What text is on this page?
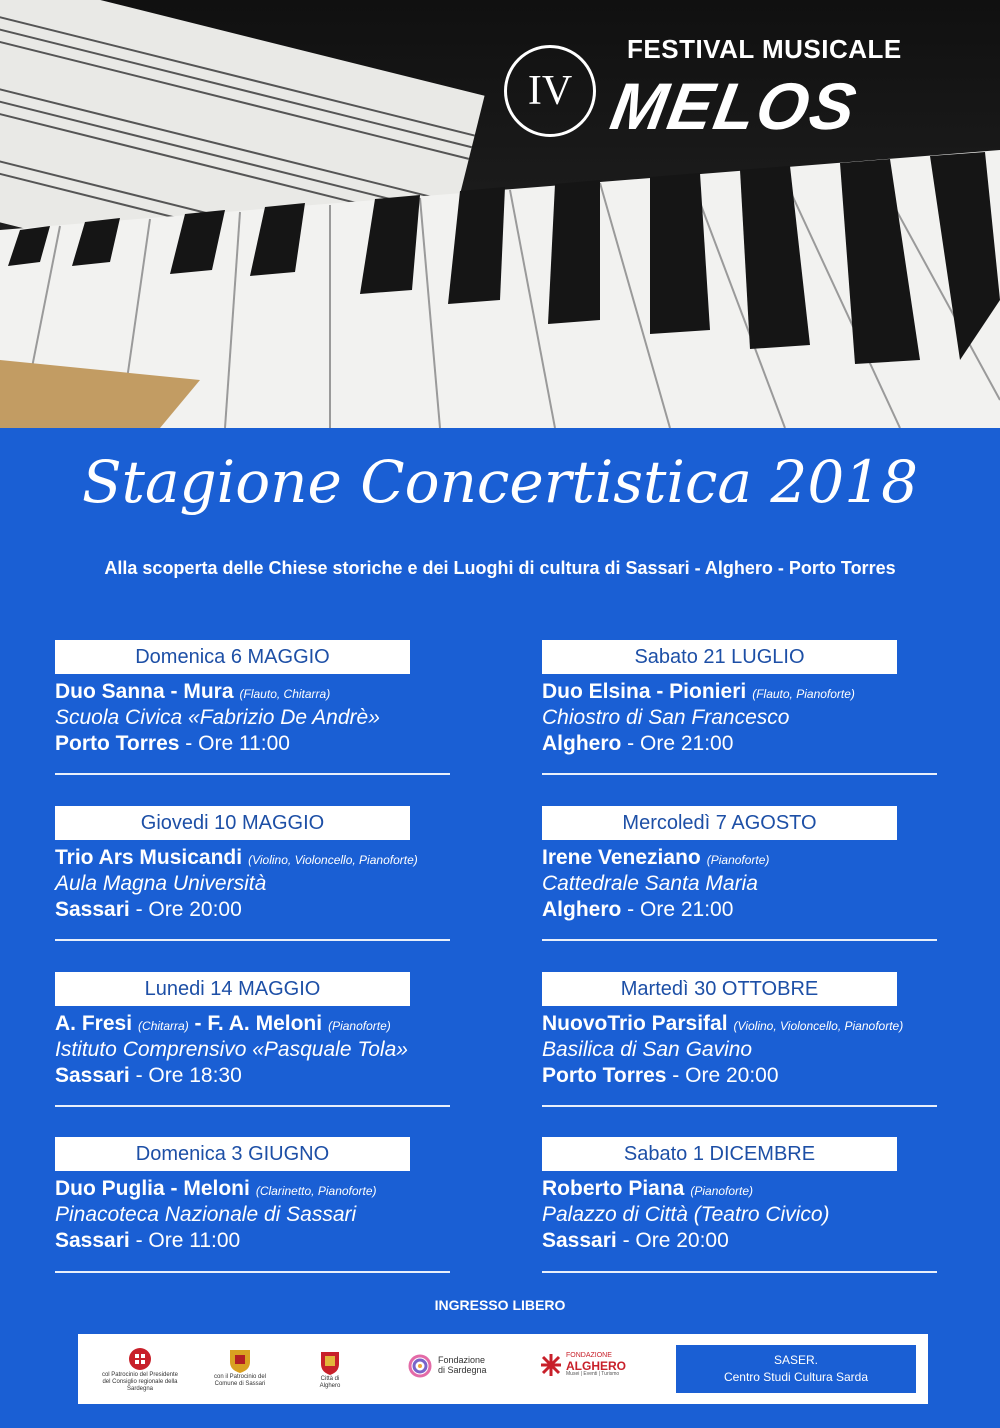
IV
FESTIVAL MUSICALE
MELOS
Stagione Concertistica 2018
Alla scoperta delle Chiese storiche e dei Luoghi di cultura di Sassari - Alghero - Porto Torres
Domenica 6 MAGGIO
Duo Sanna - Mura (Flauto, Chitarra)
Scuola Civica «Fabrizio De Andrè»
Porto Torres - Ore 11:00
Giovedi 10 MAGGIO
Trio Ars Musicandi (Violino, Violoncello, Pianoforte)
Aula Magna Università
Sassari - Ore 20:00
Lunedi 14 MAGGIO
A. Fresi (Chitarra) - F. A. Meloni (Pianoforte)
Istituto Comprensivo «Pasquale Tola»
Sassari - Ore 18:30
Domenica 3 GIUGNO
Duo Puglia - Meloni (Clarinetto, Pianoforte)
Pinacoteca Nazionale di Sassari
Sassari - Ore 11:00
Sabato 21 LUGLIO
Duo Elsina - Pionieri (Flauto, Pianoforte)
Chiostro di San Francesco
Alghero - Ore 21:00
Mercoledì 7 AGOSTO
Irene Veneziano (Pianoforte)
Cattedrale Santa Maria
Alghero - Ore 21:00
Martedì 30 OTTOBRE
NuovoTrio Parsifal (Violino, Violoncello, Pianoforte)
Basilica di San Gavino
Porto Torres - Ore 20:00
Sabato 1 DICEMBRE
Roberto Piana (Pianoforte)
Palazzo di Città (Teatro Civico)
Sassari - Ore 20:00
INGRESSO LIBERO
col Patrocinio del Presidente del Consiglio regionale della Sardegna
con il Patrocinio del Comune di Sassari
Città di Alghero
Fondazione di Sardegna
FONDAZIONE
ALGHERO
Musei | Eventi | Turismo
SASER.
Centro Studi Cultura Sarda
